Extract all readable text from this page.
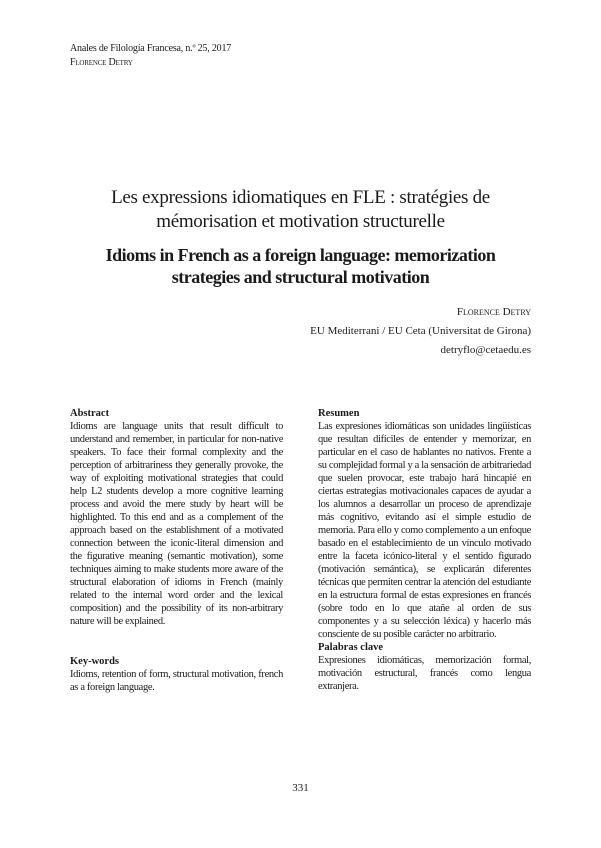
Anales de Filología Francesa, n.º 25, 2017
Florence Detry
Les expressions idiomatiques en FLE : stratégies de mémorisation et motivation structurelle
Idioms in French as a foreign language: memorization strategies and structural motivation
Florence Detry
EU Mediterrani / EU Ceta (Universitat de Girona)
detryflo@cetaedu.es
Abstract

Idioms are language units that result difficult to understand and remember, in particular for non-native speakers. To face their formal complexity and the perception of arbitrariness they generally provoke, the way of exploiting motivational strategies that could help L2 students develop a more cognitive learning process and avoid the mere study by heart will be highlighted. To this end and as a complement of the approach based on the establishment of a motivated connection between the iconic-literal dimension and the figurative meaning (semantic motivation), some techniques aiming to make students more aware of the structural elaboration of idioms in French (mainly related to the internal word order and the lexical composition) and the possibility of its non-arbitrary nature will be explained.

Key-words

Idioms, retention of form, structural motivation, french as a foreign language.

Resumen

Las expresiones idiomáticas son unidades lingüísticas que resultan difíciles de entender y memorizar, en particular en el caso de hablantes no nativos. Frente a su complejidad formal y a la sensación de arbitrariedad que suelen provocar, este trabajo hará hincapié en ciertas estrategias motivacionales capaces de ayudar a los alumnos a desarrollar un proceso de aprendizaje más cognitivo, evitando así el simple estudio de memoria. Para ello y como complemento a un enfoque basado en el establecimiento de un vínculo motivado entre la faceta icónico-literal y el sentido figurado (motivación semántica), se explicarán diferentes técnicas que permiten centrar la atención del estudiante en la estructura formal de estas expresiones en francés (sobre todo en lo que atañe al orden de sus componentes y a su selección léxica) y hacerlo más consciente de su posible carácter no arbitrario.

Palabras clave

Expresiones idiomáticas, memorización formal, motivación estructural, francés como lengua extranjera.

331
